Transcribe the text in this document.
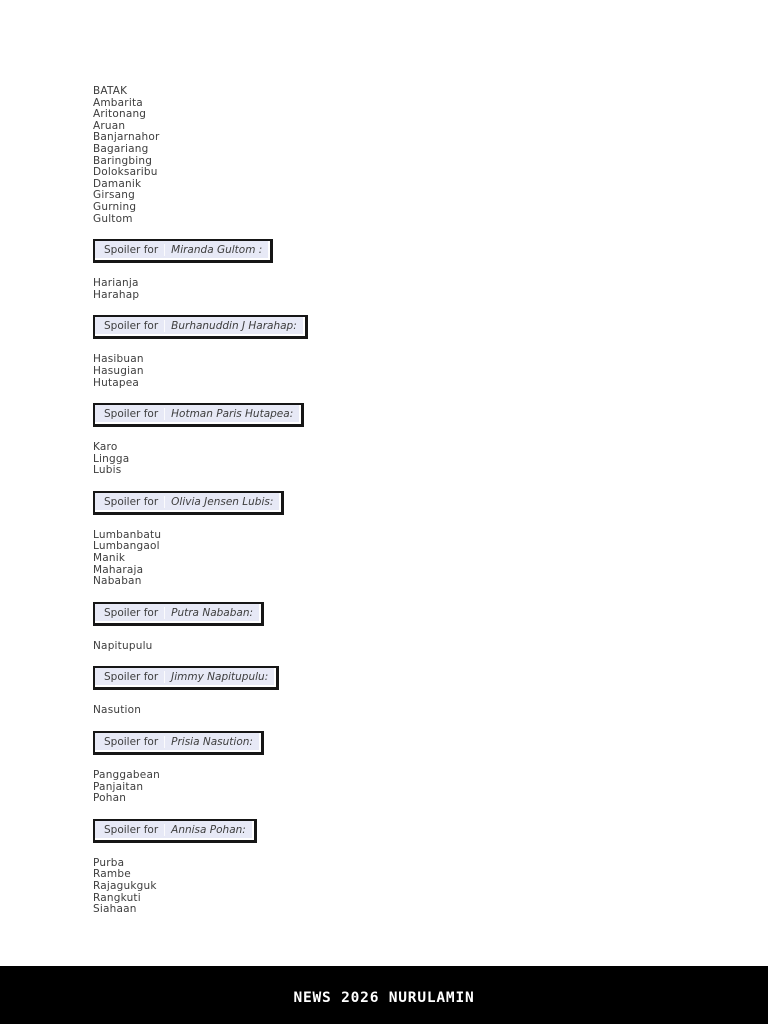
BATAK
Ambarita
Aritonang
Aruan
Banjarnahor
Bagariang
Baringbing
Doloksaribu
Damanik
Girsang
Gurning
Gultom
Spoiler for	Miranda Gultom :
Harianja
Harahap
Spoiler for	Burhanuddin J Harahap :
Hasibuan
Hasugian
Hutapea
Spoiler for	Hotman Paris Hutapea :
Karo
Lingga
Lubis
Spoiler for	Olivia Jensen Lubis :
Lumbanbatu
Lumbangaol
Manik
Maharaja
Nababan
Spoiler for	Putra Nababan :
Napitupulu
Spoiler for	Jimmy Napitupulu :
Nasution
Spoiler for	Prisia Nasution :
Panggabean
Panjaitan
Pohan
Spoiler for	Annisa Pohan :
Purba
Rambe
Rajagukguk
Rangkuti
Siahaan
NEWS 2026 NURULAMIN
